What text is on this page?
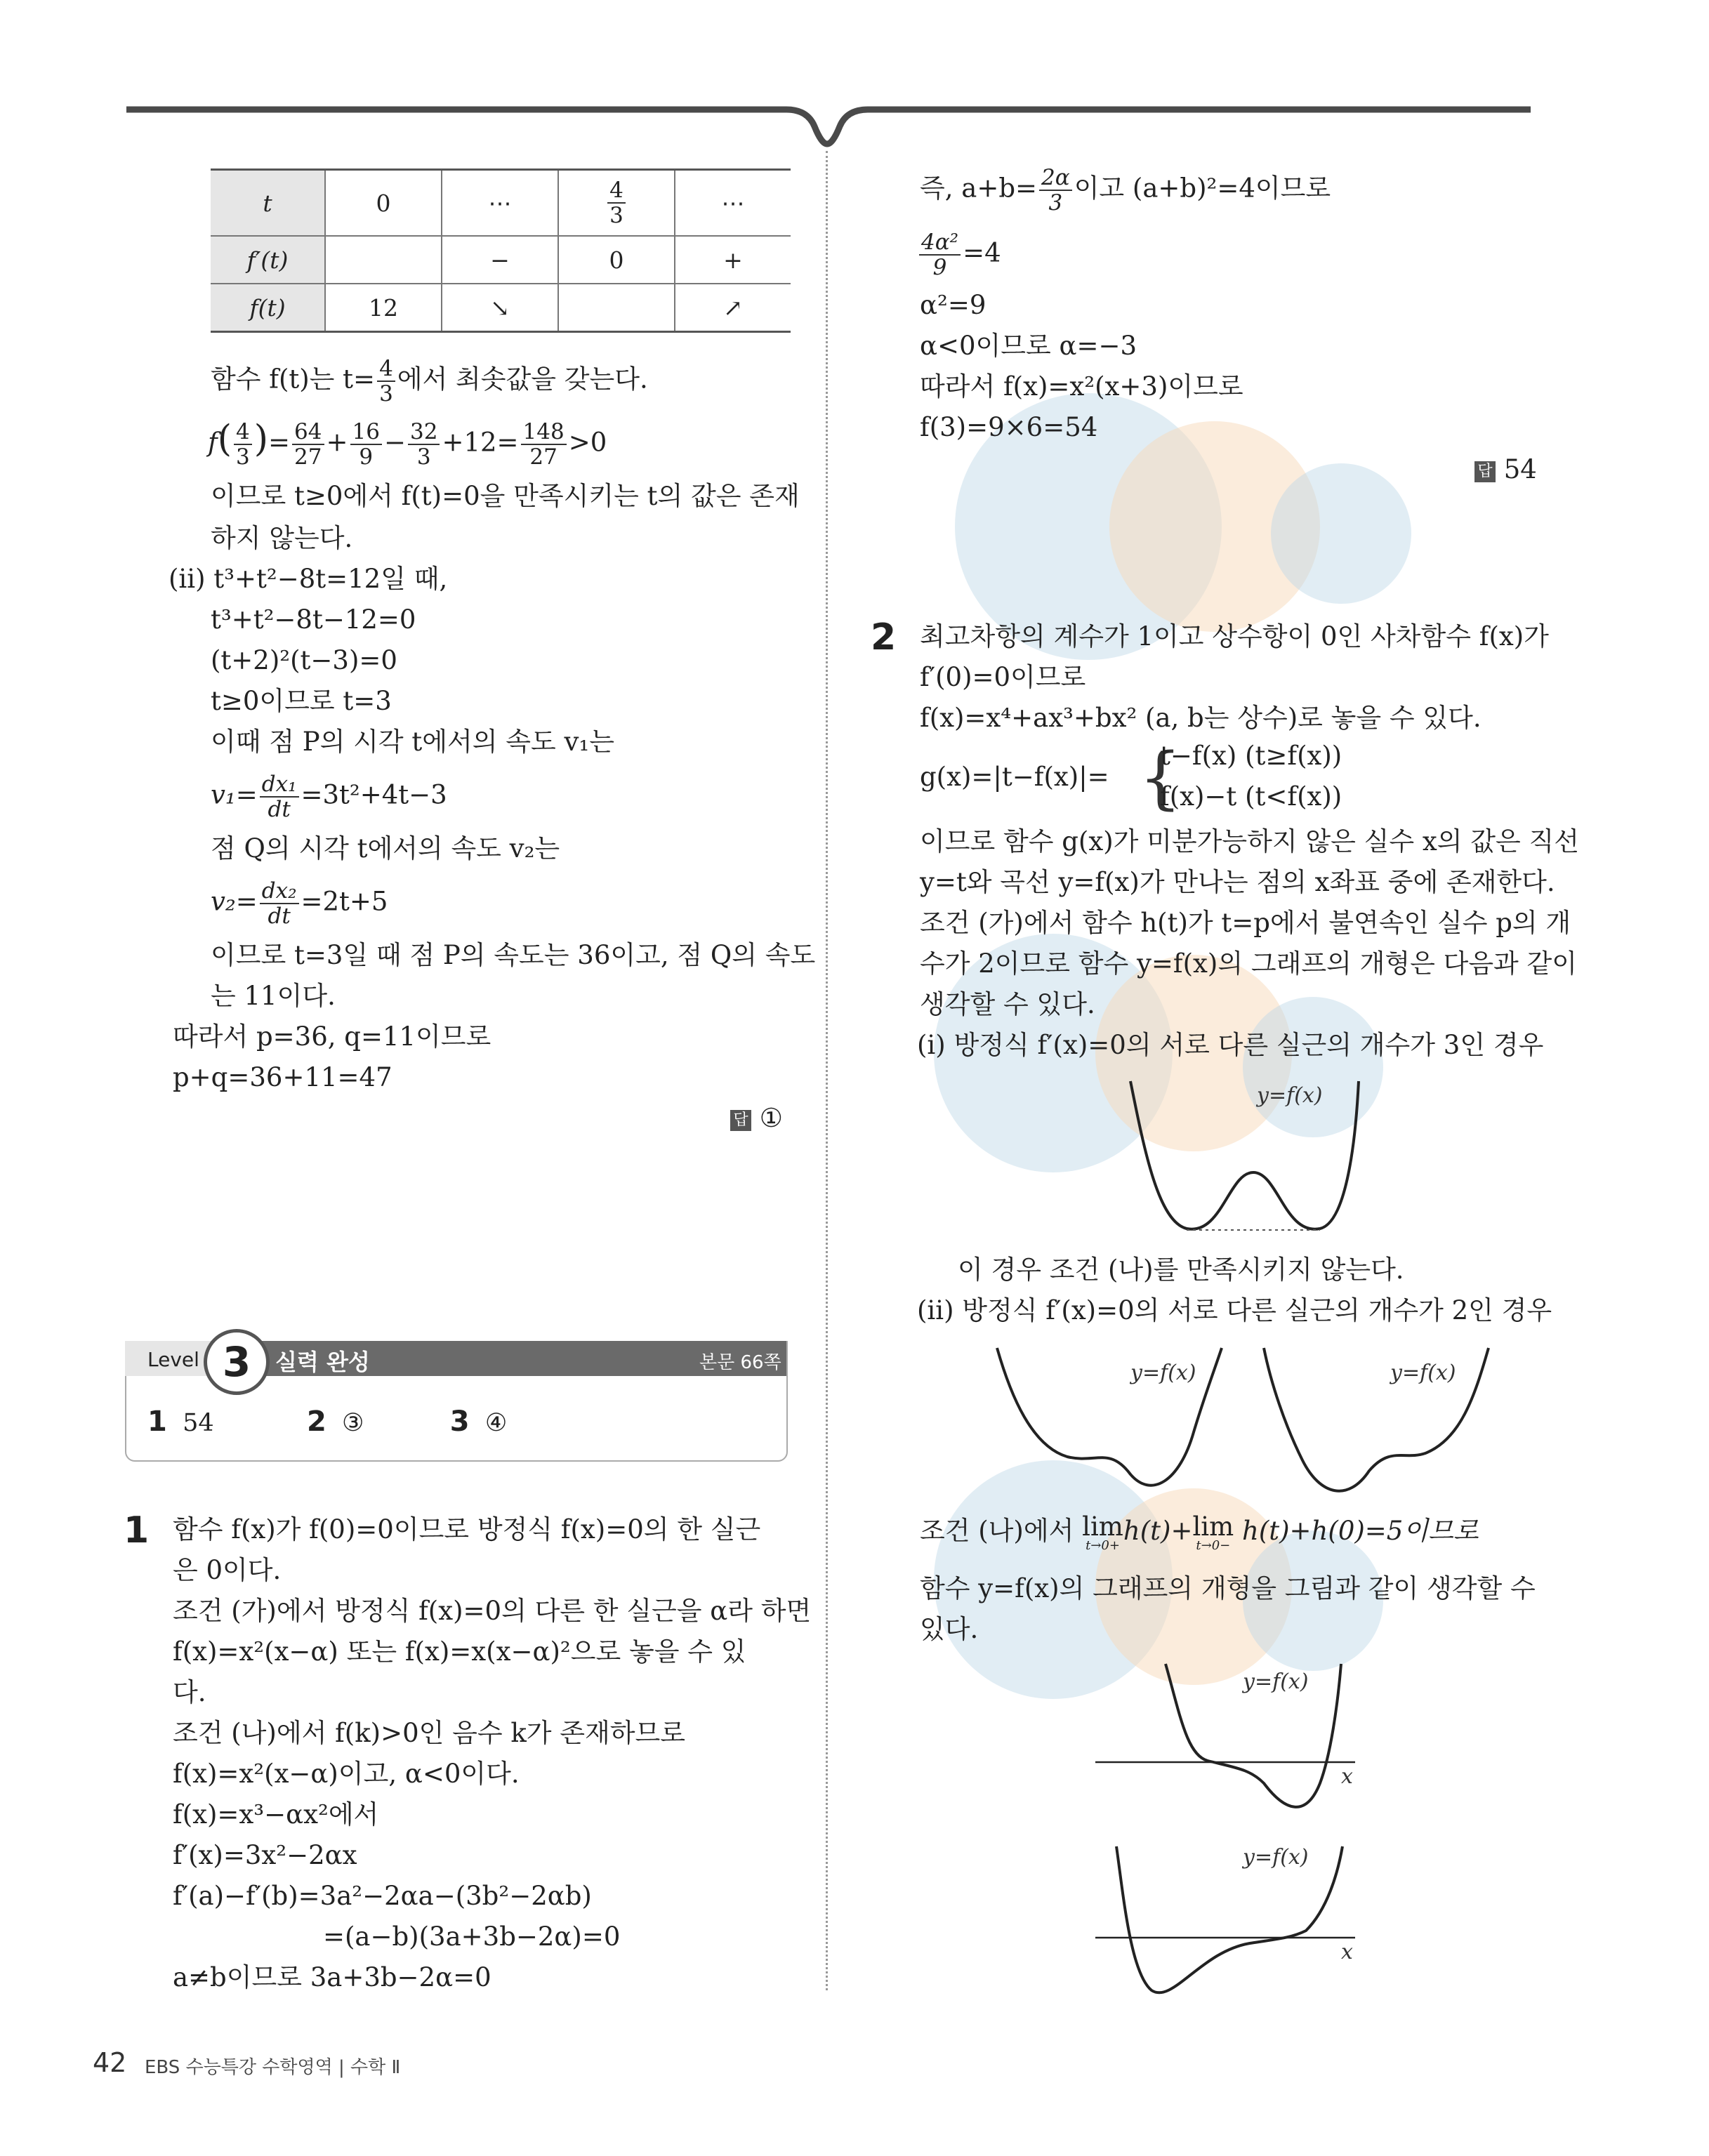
t	0	⋯	$\frac{4}{3}$	⋯
f′(t)		−	0	+
f(t)	12	↘		↗
함수 f(t)는 $t= \frac{4}{3}$ 에서 최솟값을 갖는다.
$f( \frac{4}{3}$ )= $\frac{64}{27} + \frac{16}{9} - \frac{32}{3} +12= \frac{148}{27} >0$
이므로 t≥0에서 f(t)=0을 만족시키는 t의 값은 존재
하지 않는다.
(ii) t³+t²−8t=12일 때,
t³+t²−8t−12=0
(t+2)²(t−3)=0
t≥0이므로 t=3
이때 점 P의 시각 t에서의 속도 v₁는
$v_1= \frac{\text{dx₁}}{dt} =3t^2+4t-3$
점 Q의 시각 t에서의 속도 v₂는
$v_2= \frac{\text{dx₂}}{dt} =2t+5$
이므로 t=3일 때 점 P의 속도는 36이고, 점 Q의 속도
는 11이다.
따라서 p=36, q=11이므로
p+q=36+11=47
답 ①
Level 3	실력 완성	본문 66쪽
1 54	2 ③	3 ④
1 함수 f(x)가 f(0)=0이므로 방정식 f(x)=0의 한 실근
은 0이다.
조건 (가)에서 방정식 f(x)=0의 다른 한 실근을 α라 하면
f(x)=x²(x−α) 또는 f(x)=x(x−α)²으로 놓을 수 있
다.
조건 (나)에서 f(k)>0인 음수 k가 존재하므로
f(x)=x²(x−α)이고, α<0이다.
f(x)=x³−αx²에서
f′(x)=3x²−2αx
f′(a)−f′(b)=3a²−2αa−(3b²−2αb)
=(a−b)(3a+3b−2α)=0
a≠b이므로 3a+3b−2α=0
즉, $a+b= \frac{2\alpha}{3}$ 이고 (a+b)²=4이므로
$\frac{\text{4α²}}{9} =4$
α²=9
α<0이므로 α=−3
따라서 f(x)=x²(x+3)이므로
f(3)=9×6=54
답 54
2 최고차항의 계수가 1이고 상수항이 0인 사차함수 f(x)가
f′(0)=0이므로
f(x)=x⁴+ax³+bx² (a, b는 상수)로 놓을 수 있다.
g(x)=|t−f(x)|= {
t−f(x) (t≥f(x))
f(x)−t (t<f(x))
이므로 함수 g(x)가 미분가능하지 않은 실수 x의 값은 직선
y=t와 곡선 y=f(x)가 만나는 점의 x좌표 중에 존재한다.
조건 (가)에서 함수 h(t)가 t=p에서 불연속인 실수 p의 개
수가 2이므로 함수 y=f(x)의 그래프의 개형은 다음과 같이
생각할 수 있다.
(i) 방정식 f′(x)=0의 서로 다른 실근의 개수가 3인 경우
y=f(x)
이 경우 조건 (나)를 만족시키지 않는다.
(ii) 방정식 f′(x)=0의 서로 다른 실근의 개수가 2인 경우
y=f(x)	y=f(x)
조건 (나)에서 lim
t→0+ h(t)+ lim
t→0− h(t)+h(0)=5이므로
함수 y=f(x)의 그래프의 개형을 그림과 같이 생각할 수
있다.
y=f(x)
x
y=f(x)
x
42 EBS 수능특강 수학영역 | 수학 Ⅱ
